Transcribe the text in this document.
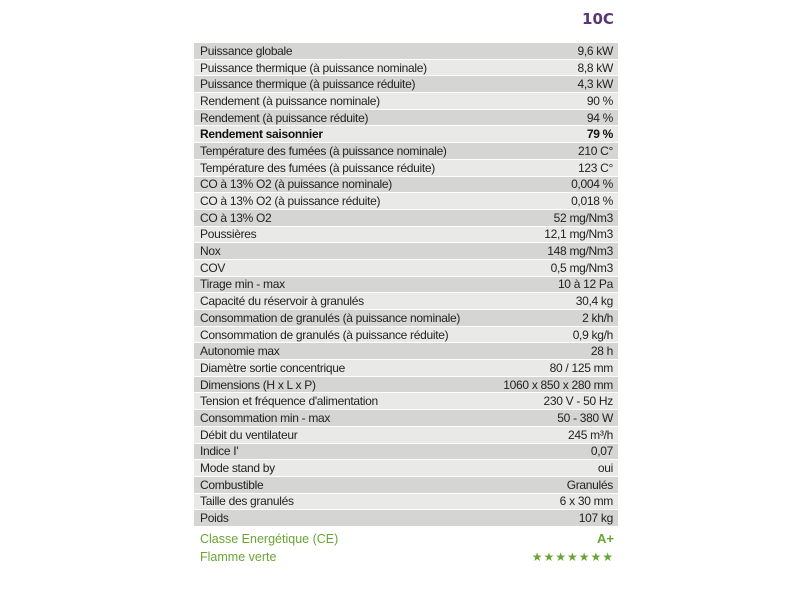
10C
Puissance globale	9,6 kW
Puissance thermique (à puissance nominale)	8,8 kW
Puissance thermique (à puissance réduite)	4,3 kW
Rendement (à puissance nominale)	90 %
Rendement (à puissance réduite)	94 %
Rendement saisonnier	79 %
Température des fumées (à puissance nominale)	210 C°
Température des fumées (à puissance réduite)	123 C°
CO à 13% O2 (à puissance nominale)	0,004 %
CO à 13% O2 (à puissance réduite)	0,018 %
CO à 13% O2	52 mg/Nm3
Poussières	12,1 mg/Nm3
Nox	148 mg/Nm3
COV	0,5 mg/Nm3
Tirage min - max	10 à 12 Pa
Capacité du réservoir à granulés	30,4 kg
Consommation de granulés (à puissance nominale)	2 kh/h
Consommation de granulés (à puissance réduite)	0,9 kg/h
Autonomie max	28 h
Diamètre sortie concentrique	80 / 125 mm
Dimensions (H x L x P)	1060 x 850 x 280 mm
Tension et fréquence d'alimentation	230 V - 50 Hz
Consommation min - max	50 - 380 W
Débit du ventilateur	245 m³/h
Indice I'	0,07
Mode stand by	oui
Combustible	Granulés
Taille des granulés	6 x 30 mm
Poids	107 kg
Classe Energétique (CE)	A+
Flamme verte	★★★★★★★
